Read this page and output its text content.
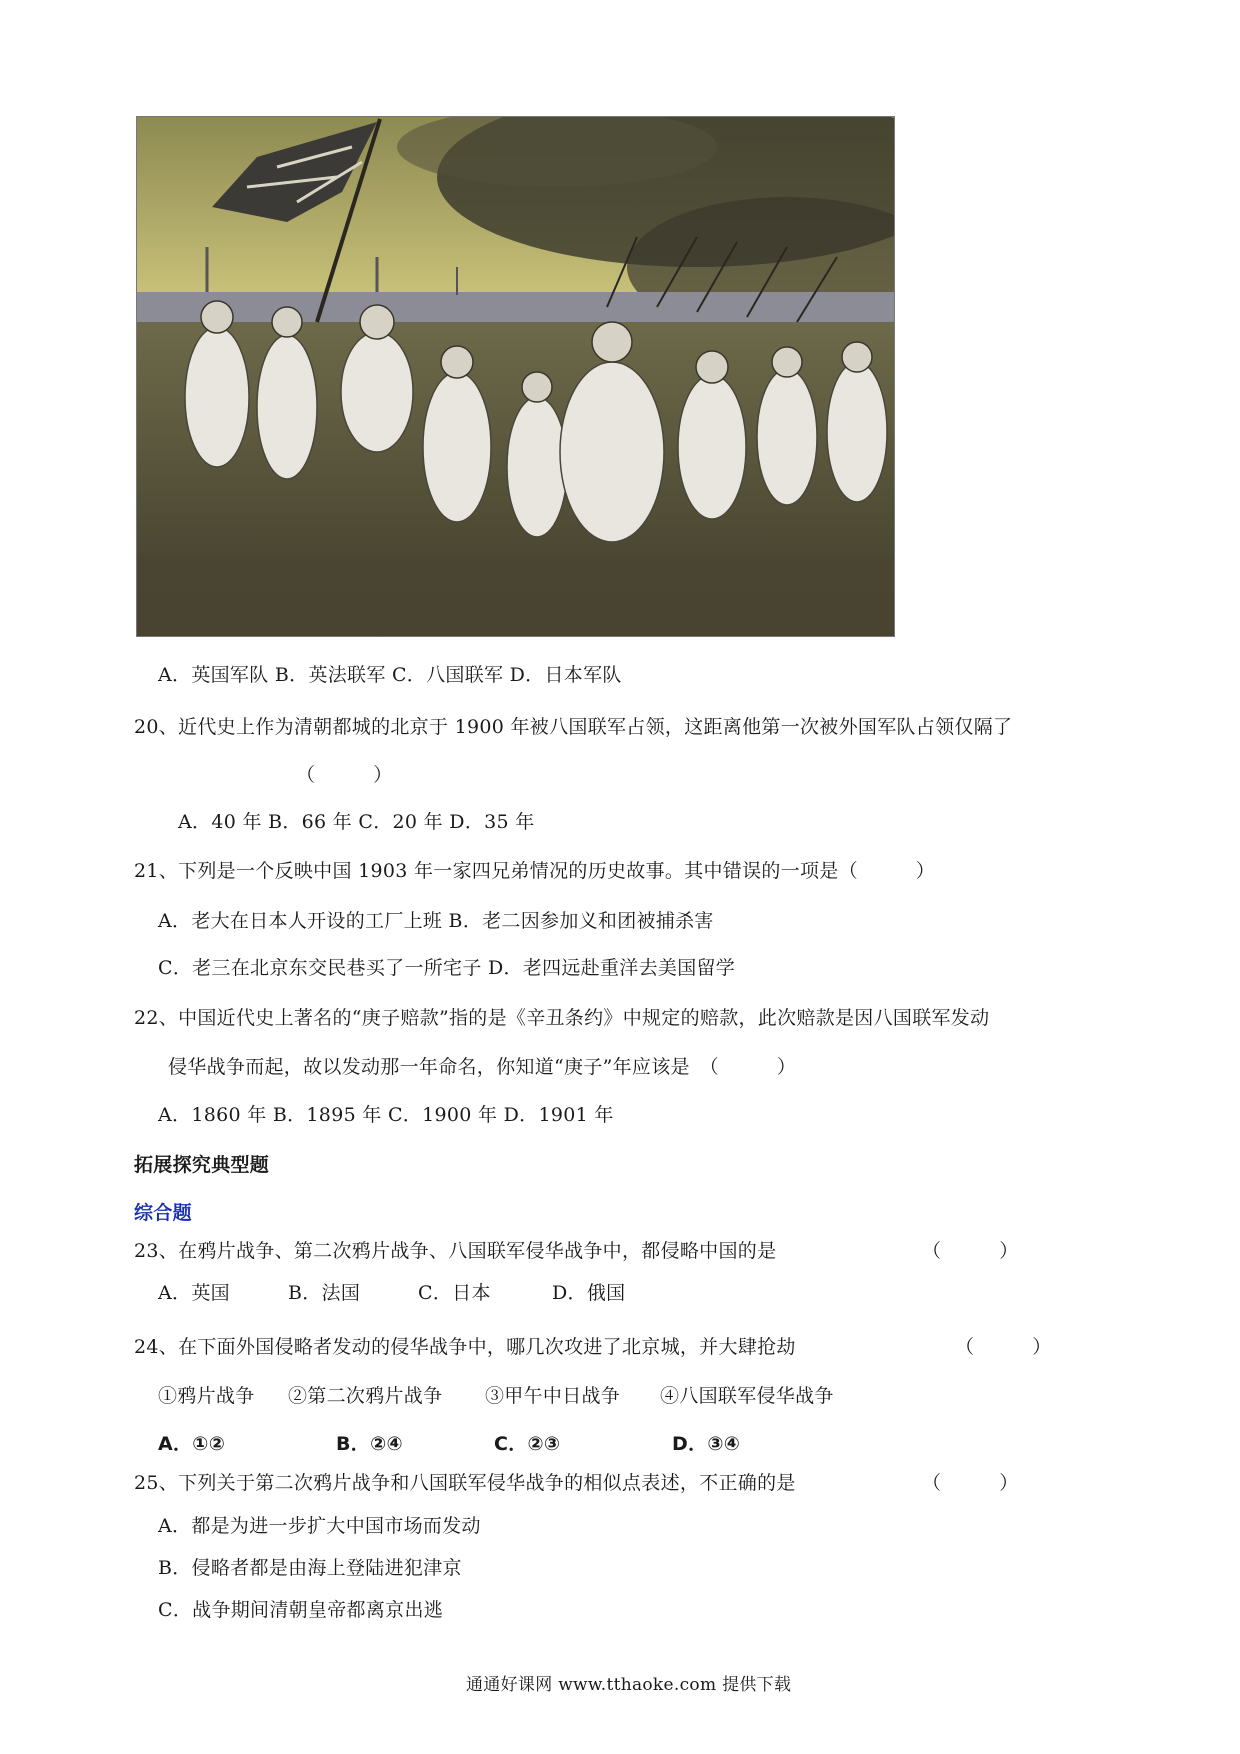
A．英国军队 B．英法联军 C．八国联军 D．日本军队
20、近代史上作为清朝都城的北京于 1900 年被八国联军占领，这距离他第一次被外国军队占领仅隔了
（　　　）
A．40 年 B．66 年 C．20 年 D．35 年
21、下列是一个反映中国 1903 年一家四兄弟情况的历史故事。其中错误的一项是（　　　）
A．老大在日本人开设的工厂上班 B．老二因参加义和团被捕杀害
C．老三在北京东交民巷买了一所宅子 D．老四远赴重洋去美国留学
22、中国近代史上著名的“庚子赔款”指的是《辛丑条约》中规定的赔款，此次赔款是因八国联军发动
侵华战争而起，故以发动那一年命名，你知道“庚子”年应该是　（　　　）
A．1860 年 B．1895 年 C．1900 年 D．1901 年
拓展探究典型题
综合题
23、在鸦片战争、第二次鸦片战争、八国联军侵华战争中，都侵略中国的是	（　　　）
A．英国	B．法国	C．日本	D．俄国
24、在下面外国侵略者发动的侵华战争中，哪几次攻进了北京城，并大肆抢劫	（　　　）
①鸦片战争 ②第二次鸦片战争 ③甲午中日战争 ④八国联军侵华战争
A．①②	B．②④	C．②③	D．③④
25、下列关于第二次鸦片战争和八国联军侵华战争的相似点表述，不正确的是	（　　　）
A．都是为进一步扩大中国市场而发动
B．侵略者都是由海上登陆进犯津京
C．战争期间清朝皇帝都离京出逃
通通好课网 www.tthaoke.com 提供下载
